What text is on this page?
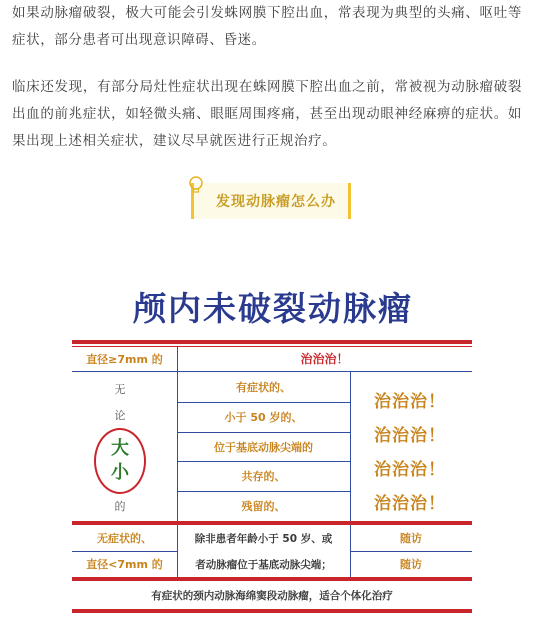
如果动脉瘤破裂，极大可能会引发蛛网膜下腔出血，常表现为典型的头痛、呕吐等症状，部分患者可出现意识障碍、昏迷。

临床还发现，有部分局灶性症状出现在蛛网膜下腔出血之前，常被视为动脉瘤破裂出血的前兆症状，如轻微头痛、眼眶周围疼痛，甚至出现动眼神经麻痹的症状。如果出现上述相关症状，建议尽早就医进行正规治疗。

发现动脉瘤怎么办
颅内未破裂动脉瘤
直径≥7mm 的	治治治！
无
论
大
小
的
有症状的、
小于 50 岁的、
位于基底动脉尖端的
共存的、
残留的、
治治治！
治治治！
治治治！
治治治！
无症状的、
直径<7mm 的
除非患者年龄小于 50 岁、或
者动脉瘤位于基底动脉尖端；
随访
随访
有症状的颈内动脉海绵窦段动脉瘤，适合个体化治疗
